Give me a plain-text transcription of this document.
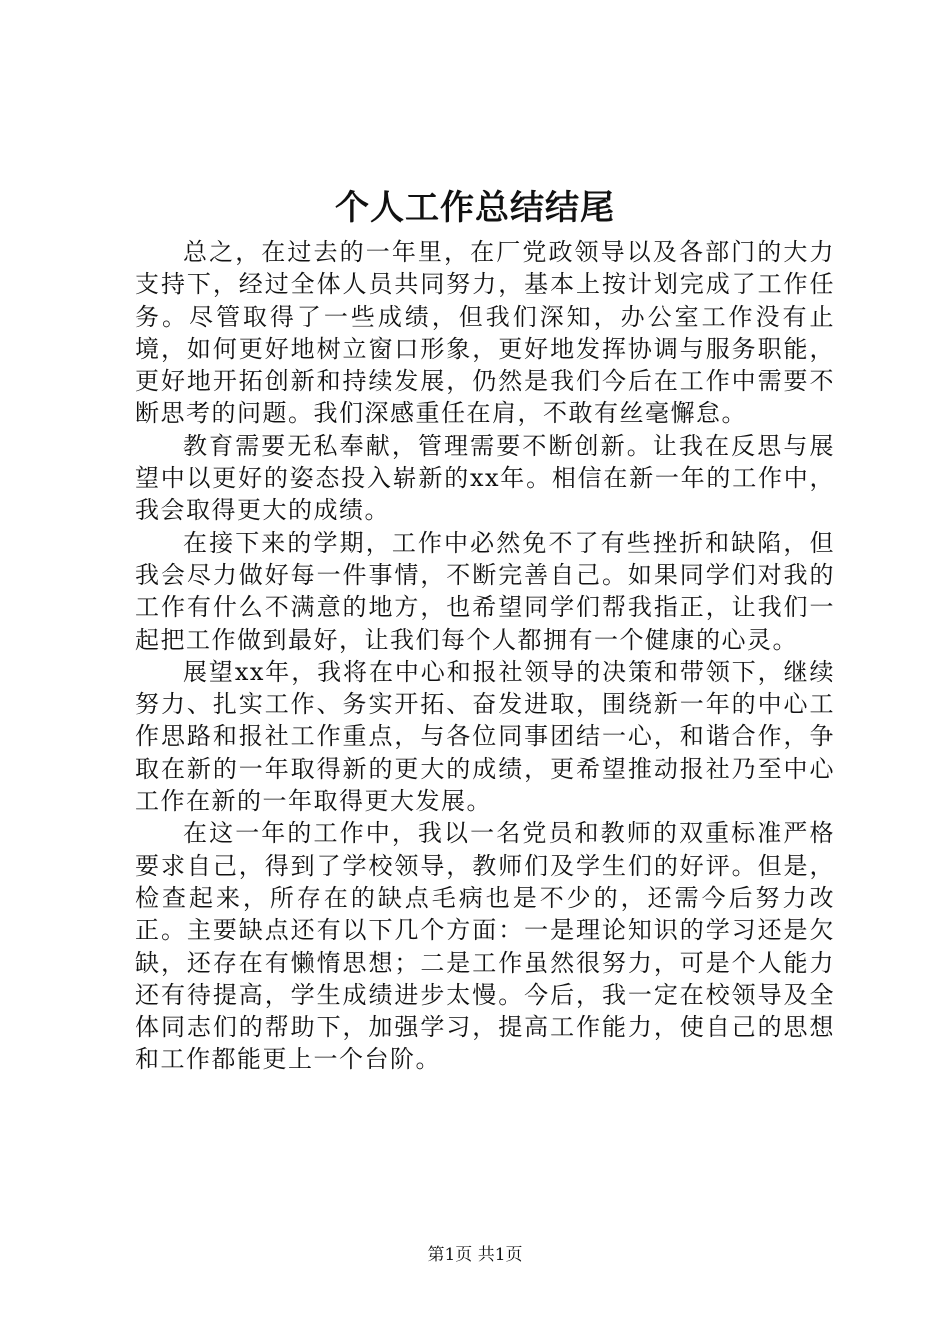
个人工作总结结尾

总之，在过去的一年里，在厂党政领导以及各部门的大力支持下，经过全体人员共同努力，基本上按计划完成了工作任务。尽管取得了一些成绩，但我们深知，办公室工作没有止境，如何更好地树立窗口形象，更好地发挥协调与服务职能，更好地开拓创新和持续发展，仍然是我们今后在工作中需要不断思考的问题。我们深感重任在肩，不敢有丝毫懈怠。

教育需要无私奉献，管理需要不断创新。让我在反思与展望中以更好的姿态投入崭新的xx年。相信在新一年的工作中，我会取得更大的成绩。

在接下来的学期，工作中必然免不了有些挫折和缺陷，但我会尽力做好每一件事情，不断完善自己。如果同学们对我的工作有什么不满意的地方，也希望同学们帮我指正，让我们一起把工作做到最好，让我们每个人都拥有一个健康的心灵。

展望xx年，我将在中心和报社领导的决策和带领下，继续努力、扎实工作、务实开拓、奋发进取，围绕新一年的中心工作思路和报社工作重点，与各位同事团结一心，和谐合作，争取在新的一年取得新的更大的成绩，更希望推动报社乃至中心工作在新的一年取得更大发展。

在这一年的工作中，我以一名党员和教师的双重标准严格要求自己，得到了学校领导，教师们及学生们的好评。但是，检查起来，所存在的缺点毛病也是不少的，还需今后努力改正。主要缺点还有以下几个方面：一是理论知识的学习还是欠缺，还存在有懒惰思想；二是工作虽然很努力，可是个人能力还有待提高，学生成绩进步太慢。今后，我一定在校领导及全体同志们的帮助下，加强学习，提高工作能力，使自己的思想和工作都能更上一个台阶。

第1页 共1页
